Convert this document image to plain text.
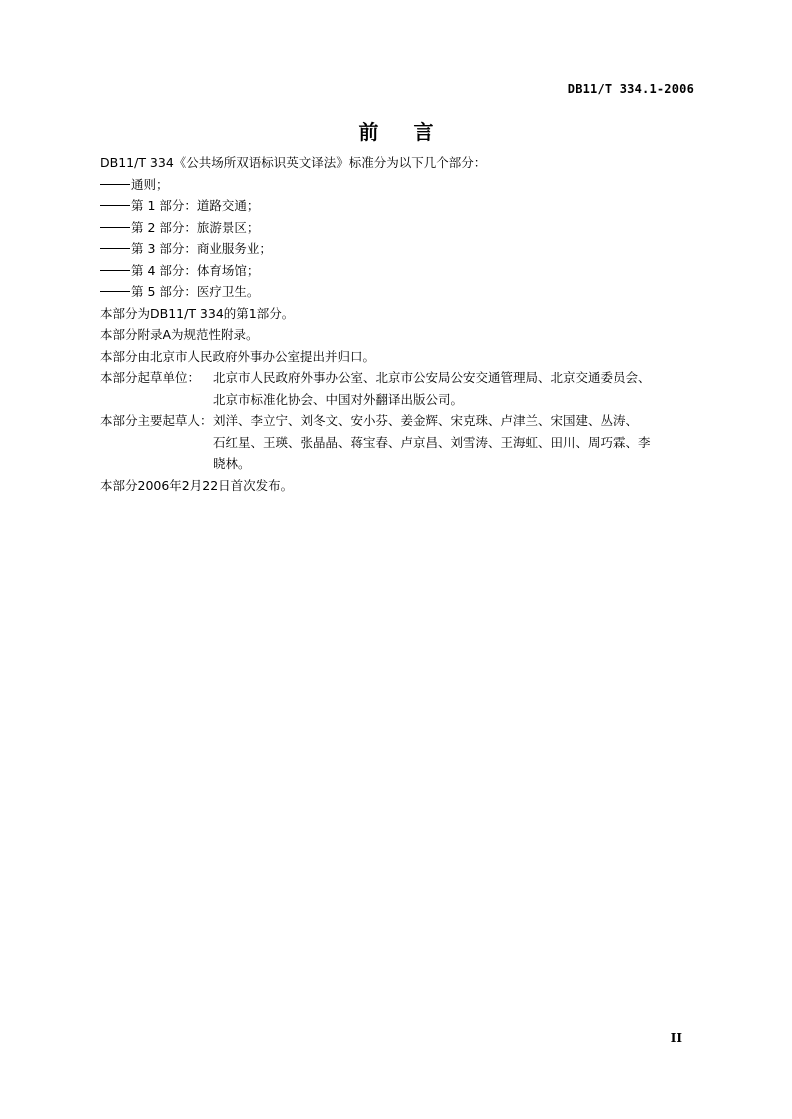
DB11/T 334.1-2006
前 言
DB11/T 334《公共场所双语标识英文译法》标准分为以下几个部分：
通则；
第 1 部分：道路交通；
第 2 部分：旅游景区；
第 3 部分：商业服务业；
第 4 部分：体育场馆；
第 5 部分：医疗卫生。
本部分为DB11/T 334的第1部分。
本部分附录A为规范性附录。
本部分由北京市人民政府外事办公室提出并归口。
本部分起草单位：	北京市人民政府外事办公室、北京市公安局公安交通管理局、北京交通委员会、
北京市标准化协会、中国对外翻译出版公司。
本部分主要起草人： 刘洋、李立宁、刘冬文、安小芬、姜金辉、宋克珠、卢津兰、宋国建、丛涛、
石红星、王瑛、张晶晶、蒋宝春、卢京昌、刘雪涛、王海虹、田川、周巧霖、李
晓林。
本部分2006年2月22日首次发布。
II
